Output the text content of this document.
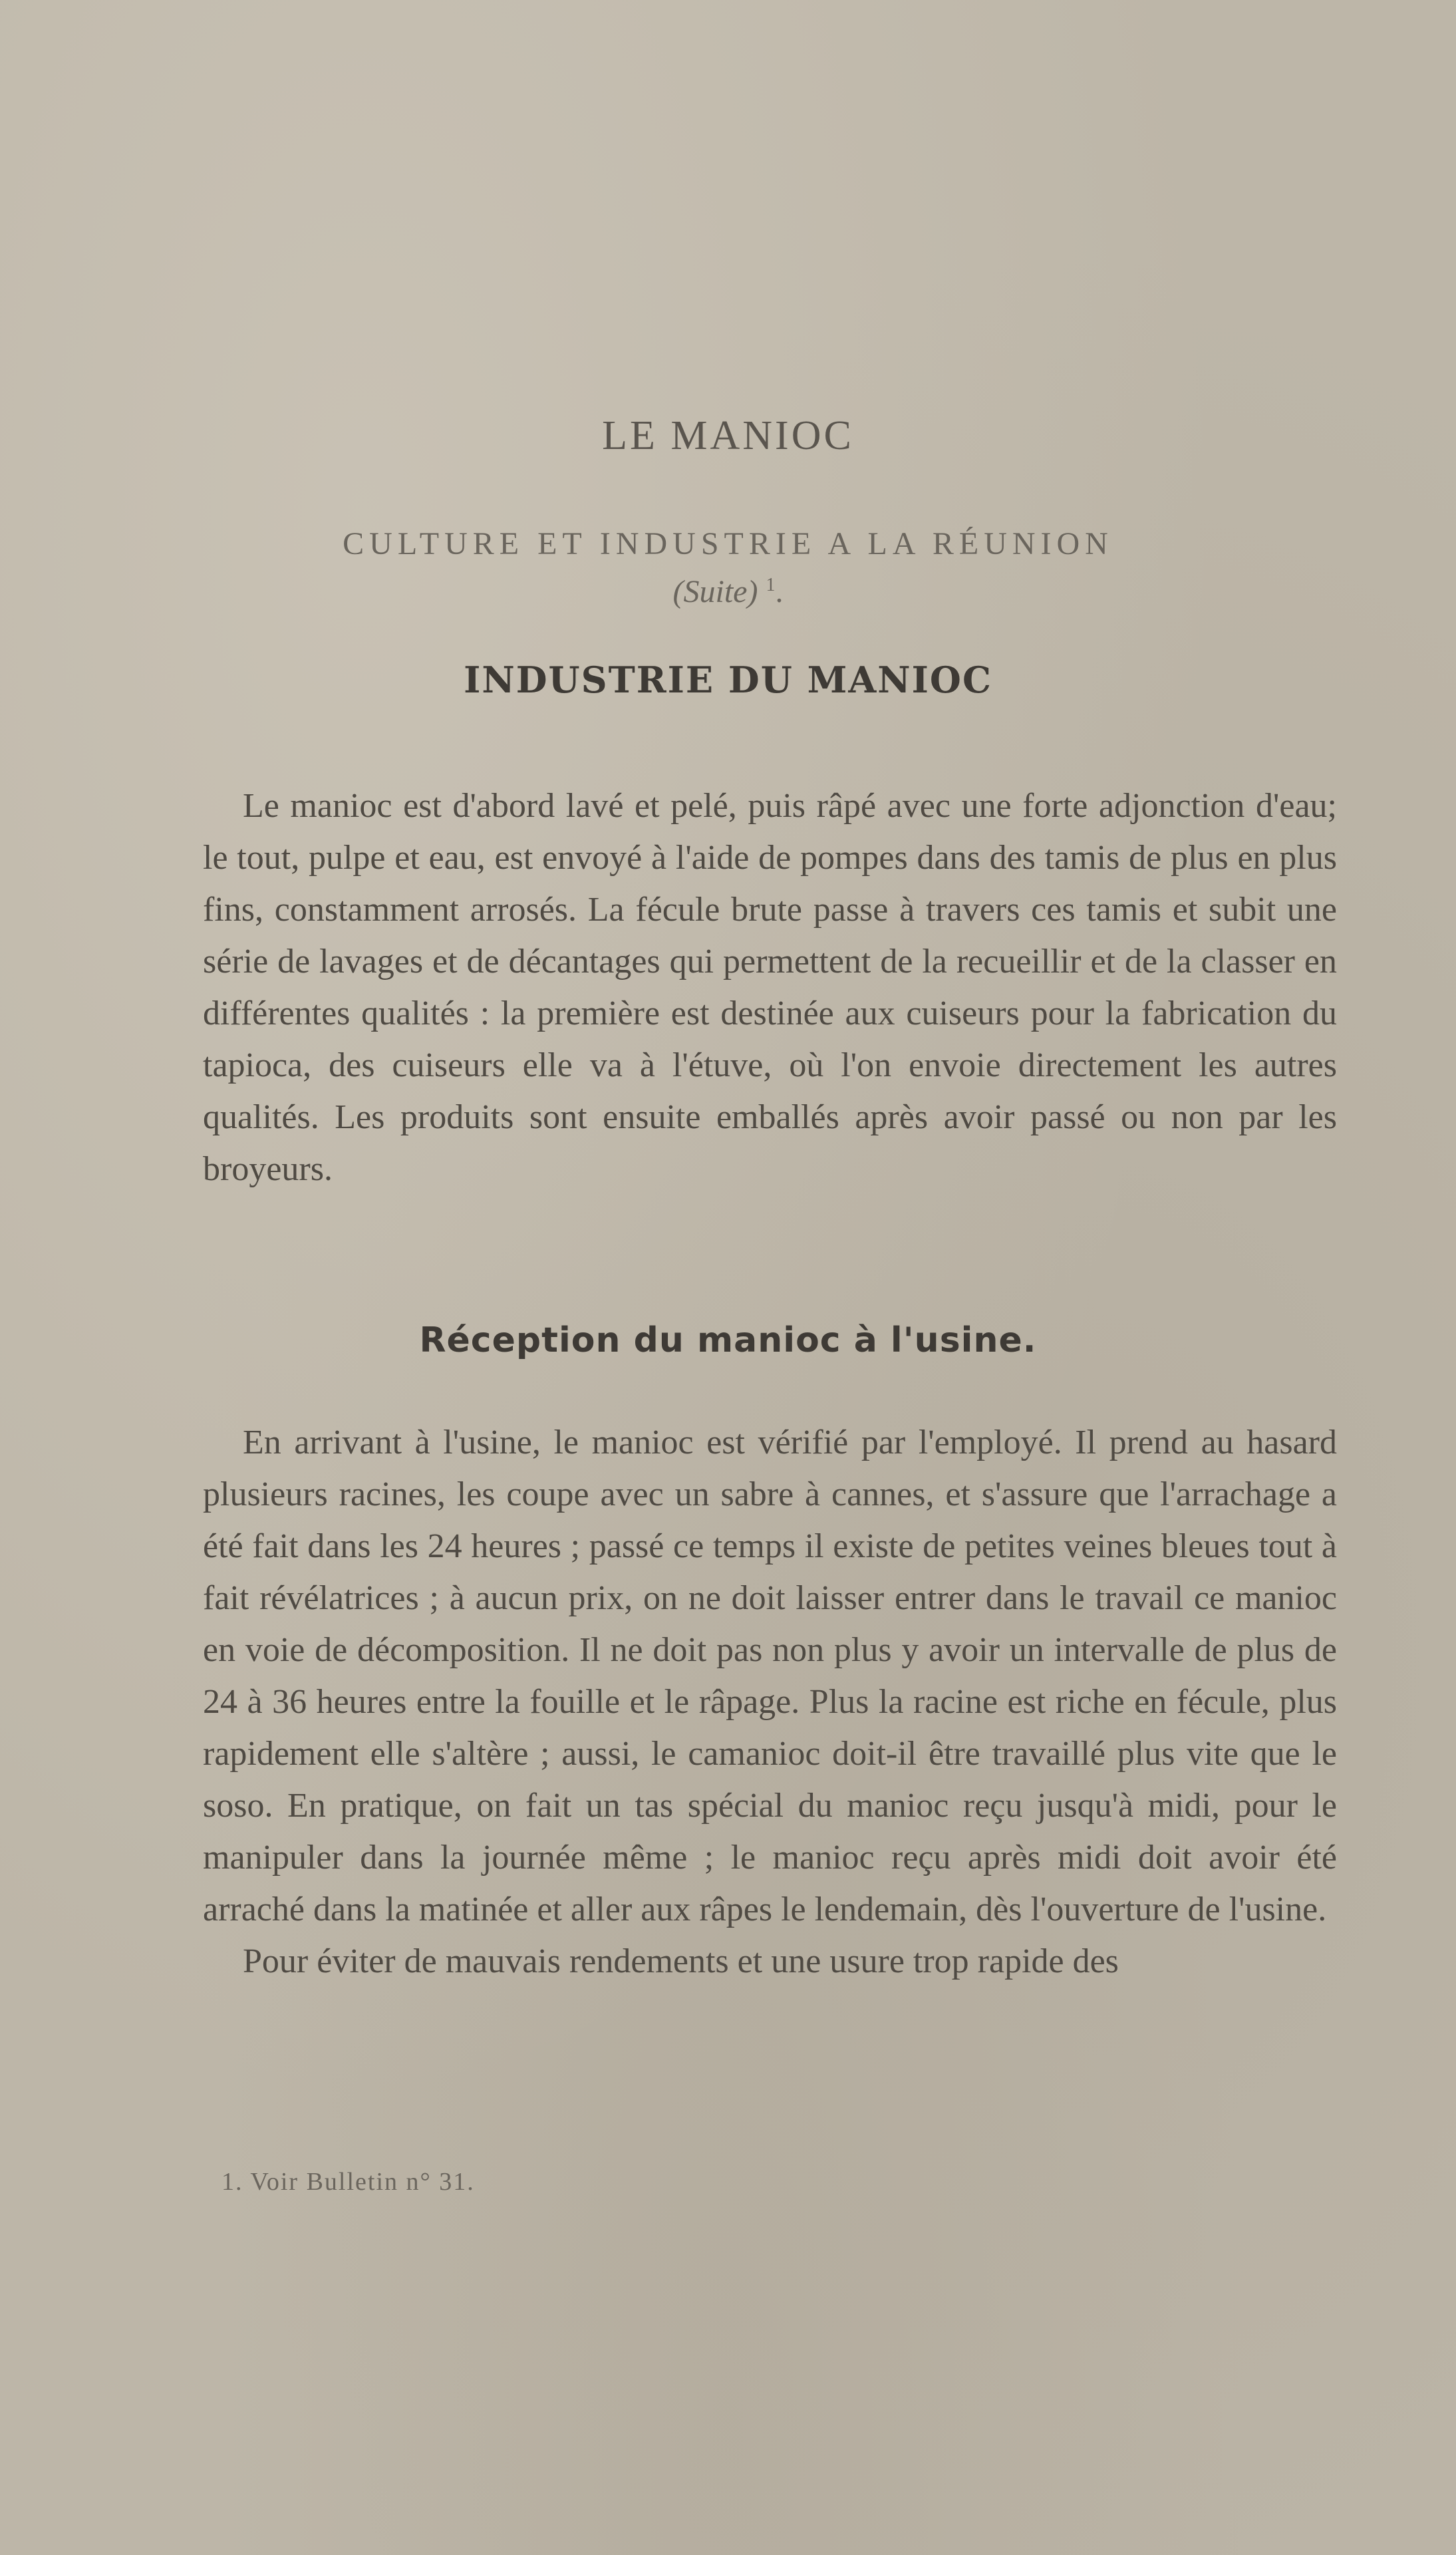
LE MANIOC
CULTURE ET INDUSTRIE A LA RÉUNION
(Suite) $^1$.
INDUSTRIE DU MANIOC

Le manioc est d'abord lavé et pelé, puis râpé avec une forte adjonction d'eau; le tout, pulpe et eau, est envoyé à l'aide de pompes dans des tamis de plus en plus fins, constamment arrosés. La fécule brute passe à travers ces tamis et subit une série de lavages et de décantages qui permettent de la recueillir et de la classer en différentes qualités : la première est destinée aux cuiseurs pour la fabrication du tapioca, des cuiseurs elle va à l'étuve, où l'on envoie directement les autres qualités. Les produits sont ensuite emballés après avoir passé ou non par les broyeurs.

Réception du manioc à l'usine.

En arrivant à l'usine, le manioc est vérifié par l'employé. Il prend au hasard plusieurs racines, les coupe avec un sabre à cannes, et s'assure que l'arrachage a été fait dans les 24 heures ; passé ce temps il existe de petites veines bleues tout à fait révélatrices ; à aucun prix, on ne doit laisser entrer dans le travail ce manioc en voie de décomposition. Il ne doit pas non plus y avoir un intervalle de plus de 24 à 36 heures entre la fouille et le râpage. Plus la racine est riche en fécule, plus rapidement elle s'altère ; aussi, le camanioc doit-il être travaillé plus vite que le soso. En pratique, on fait un tas spécial du manioc reçu jusqu'à midi, pour le manipuler dans la journée même ; le manioc reçu après midi doit avoir été arraché dans la matinée et aller aux râpes le lendemain, dès l'ouverture de l'usine.

Pour éviter de mauvais rendements et une usure trop rapide des

1. Voir Bulletin n° 31.
